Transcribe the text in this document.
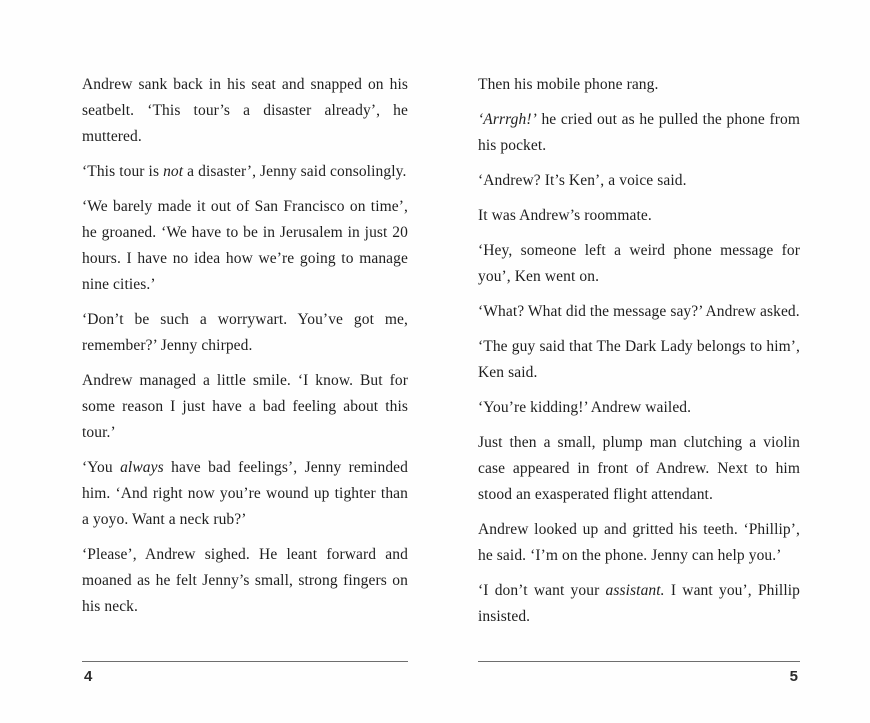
Andrew sank back in his seat and snapped on his seatbelt. ‘This tour’s a disaster already’, he muttered.

‘This tour is not a disaster’, Jenny said consolingly.

‘We barely made it out of San Francisco on time’, he groaned. ‘We have to be in Jerusalem in just 20 hours. I have no idea how we’re going to manage nine cities.’

‘Don’t be such a worrywart. You’ve got me, remember?’ Jenny chirped.

Andrew managed a little smile. ‘I know. But for some reason I just have a bad feeling about this tour.’

‘You always have bad feelings’, Jenny reminded him. ‘And right now you’re wound up tighter than a yoyo. Want a neck rub?’

‘Please’, Andrew sighed. He leant forward and moaned as he felt Jenny’s small, strong fingers on his neck.

4

Then his mobile phone rang.

‘Arrrgh!’ he cried out as he pulled the phone from his pocket.

‘Andrew? It’s Ken’, a voice said.

It was Andrew’s roommate.

‘Hey, someone left a weird phone message for you’, Ken went on.

‘What? What did the message say?’ Andrew asked.

‘The guy said that The Dark Lady belongs to him’, Ken said.

‘You’re kidding!’ Andrew wailed.

Just then a small, plump man clutching a violin case appeared in front of Andrew. Next to him stood an exasperated flight attendant.

Andrew looked up and gritted his teeth. ‘Phillip’, he said. ‘I’m on the phone. Jenny can help you.’

‘I don’t want your assistant. I want you’, Phillip insisted.

5
